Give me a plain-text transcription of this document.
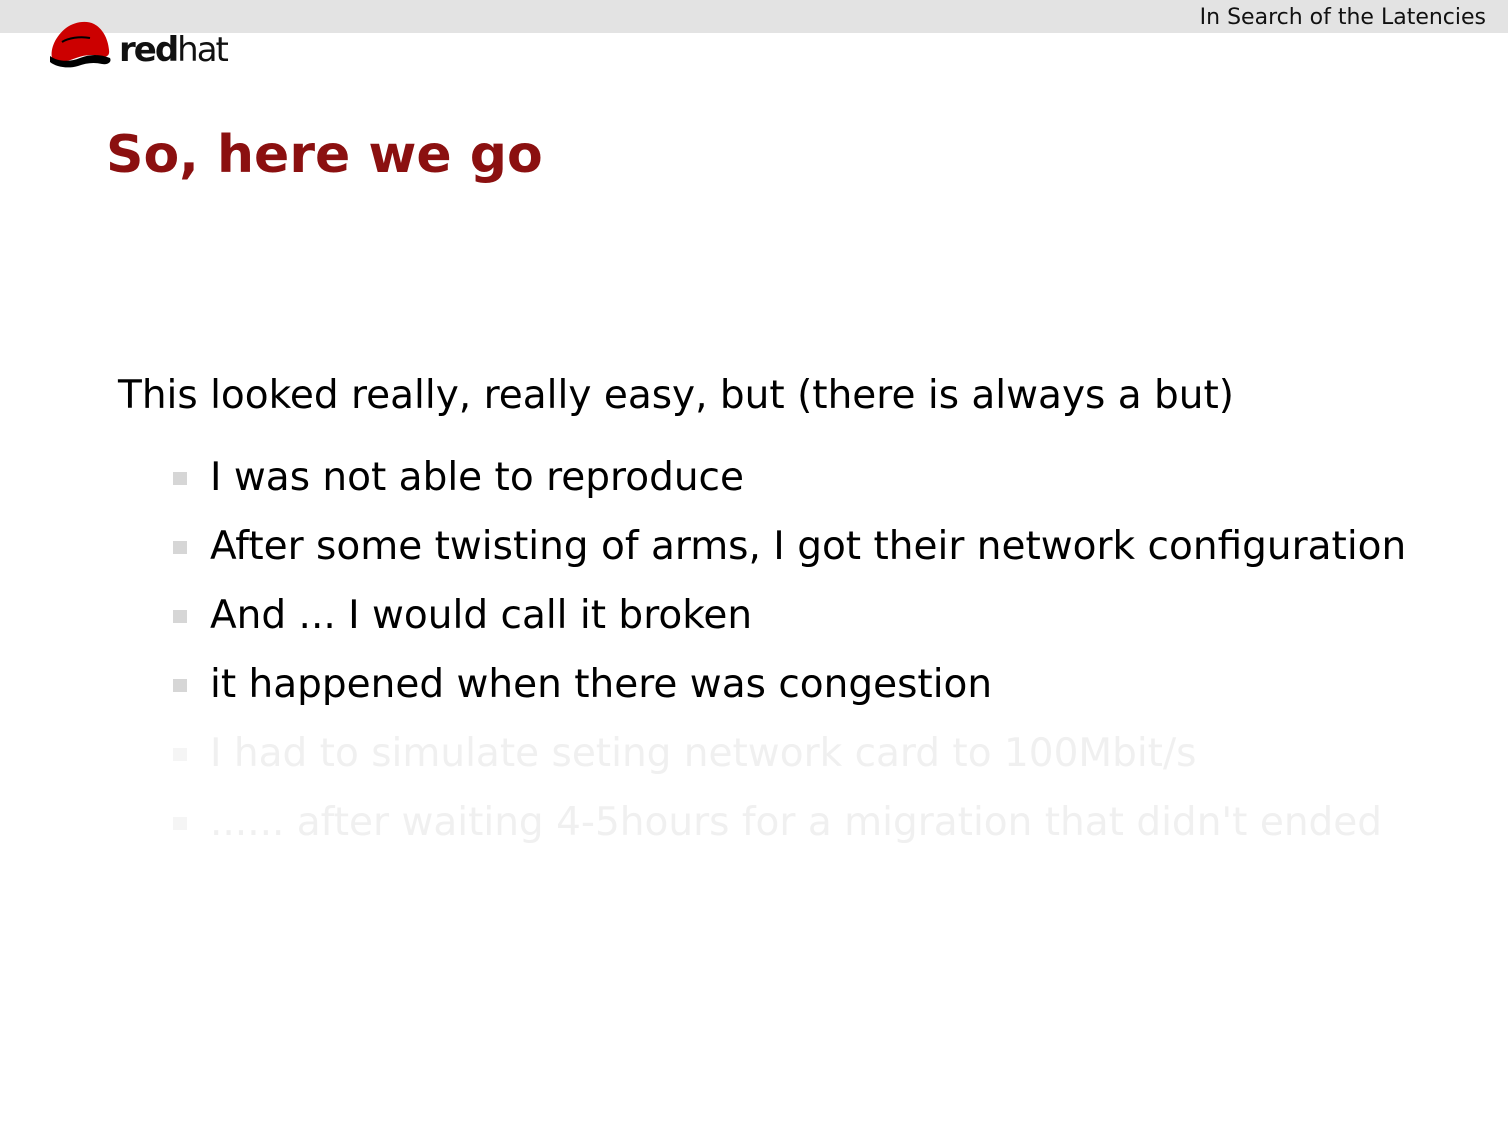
In Search of the Latencies
redhat
So, here we go
This looked really, really easy, but (there is always a but)
I was not able to reproduce
After some twisting of arms, I got their network configuration
And ... I would call it broken
it happened when there was congestion
I had to simulate seting network card to 100Mbit/s
...... after waiting 4-5hours for a migration that didn't ended
